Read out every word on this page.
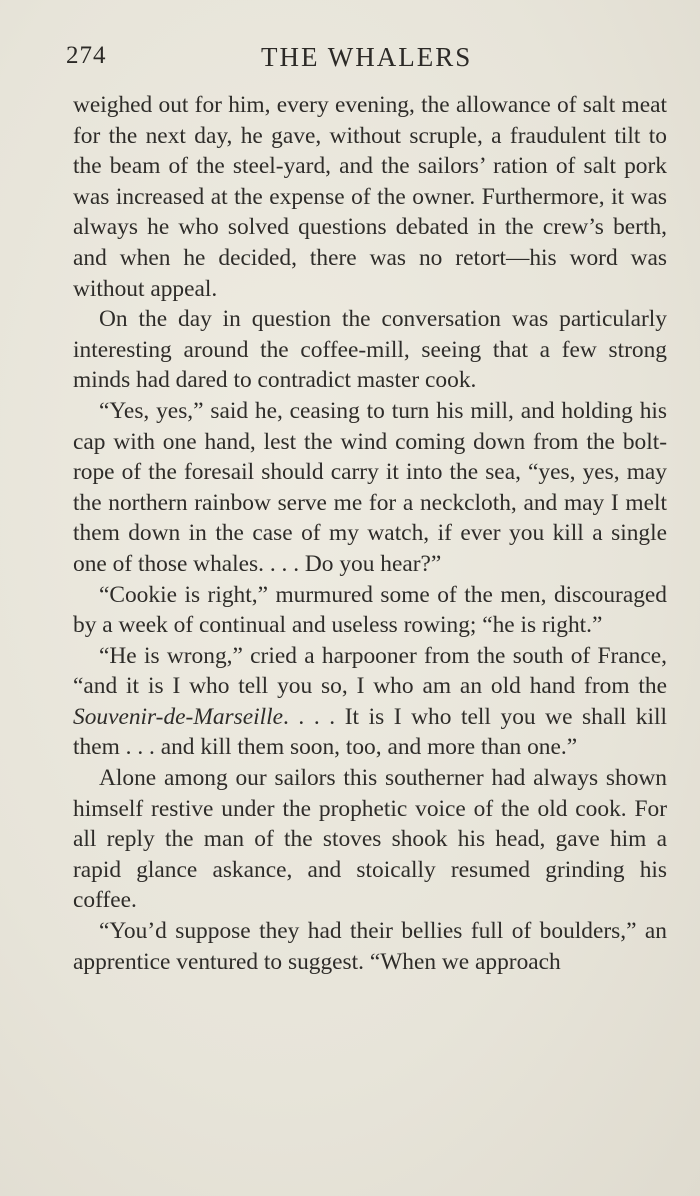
274	THE WHALERS

weighed out for him, every evening, the allowance of salt meat for the next day, he gave, without scruple, a fraudulent tilt to the beam of the steel-yard, and the sailors’ ration of salt pork was increased at the expense of the owner. Furthermore, it was always he who solved questions debated in the crew’s berth, and when he decided, there was no retort—his word was without appeal.

On the day in question the conversation was particularly interesting around the coffee-mill, seeing that a few strong minds had dared to contradict master cook.

“Yes, yes,” said he, ceasing to turn his mill, and holding his cap with one hand, lest the wind coming down from the bolt-rope of the foresail should carry it into the sea, “yes, yes, may the northern rainbow serve me for a neckcloth, and may I melt them down in the case of my watch, if ever you kill a single one of those whales. . . . Do you hear?”

“Cookie is right,” murmured some of the men, discouraged by a week of continual and useless rowing; “he is right.”

“He is wrong,” cried a harpooner from the south of France, “and it is I who tell you so, I who am an old hand from the Souvenir-de-Marseille. . . . It is I who tell you we shall kill them . . . and kill them soon, too, and more than one.”

Alone among our sailors this southerner had always shown himself restive under the prophetic voice of the old cook. For all reply the man of the stoves shook his head, gave him a rapid glance askance, and stoically resumed grinding his coffee.

“You’d suppose they had their bellies full of boulders,” an apprentice ventured to suggest. “When we approach
